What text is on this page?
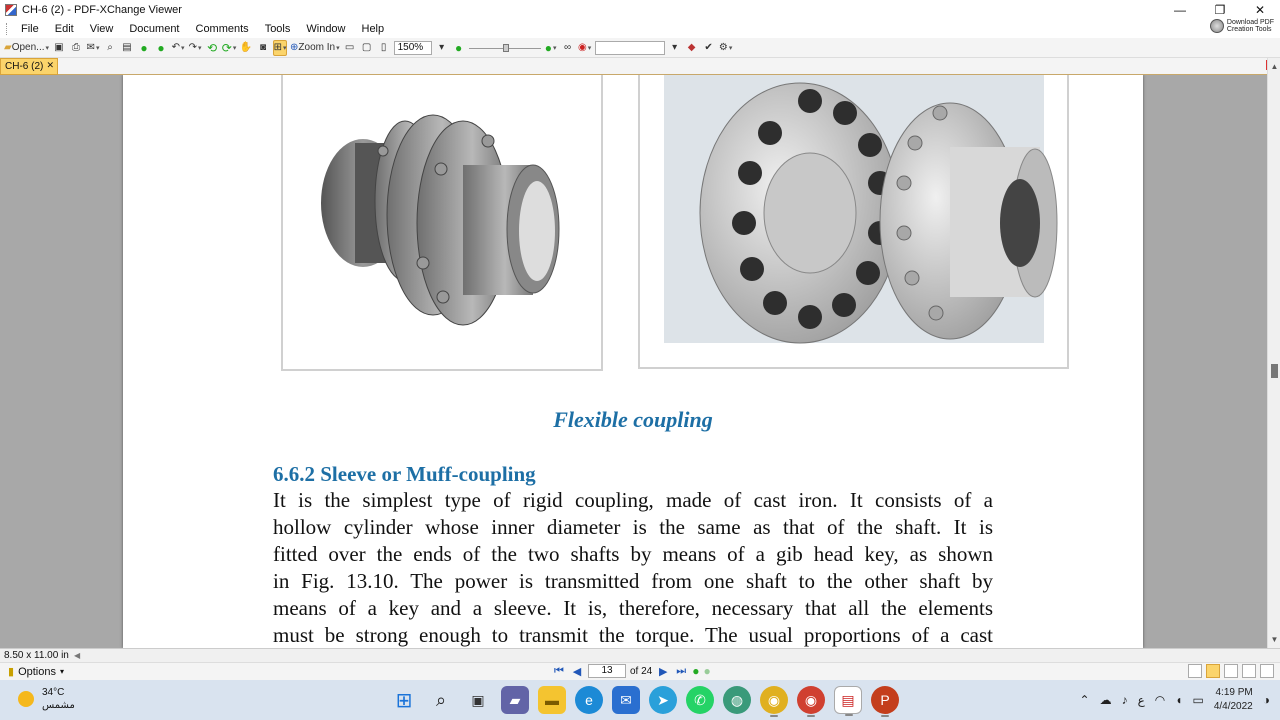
CH-6 (2) - PDF-XChange Viewer	—	❐	✕
File	Edit	View	Document	Comments	Tools	Window	Help
Download PDF
Creation Tools
▰ Open...
▾ ▣ ⎙ ✉ ▾	⌕ ▤ ● ● ↶ ▾ ↷ ▾ ⟲ ⟳ ▾ ✋ ◙ ⊞ ▾ ⊕ Zoom In
▾ ▭ ▢ ▯	150%	▾ ●	● ▾	∞ ◉ ▾	▾	◆ ✔ ⚙ ▾
CH-6 (2) ✕
Flexible coupling
6.6.2 Sleeve or Muff-coupling

It is the simplest type of rigid coupling, made of cast iron. It consists of a

hollow cylinder whose inner diameter is the same as that of the shaft. It is

fitted over the ends of the two shafts by means of a gib head key, as shown

in Fig. 13.10. The power is transmitted from one shaft to the other shaft by

means of a key and a sleeve. It is, therefore, necessary that all the elements

must be strong enough to transmit the torque. The usual proportions of a cast

▲
▼
8.50 x 11.00 in ◀
▮ Options ▾	⏮ ◀	13	of 24 ▶ ⏭ ● ●
34°C
مشمس	⊞	⌕	▣	▰	▬	e	✉	➤	✆	◍	◉	◉	▤	P	⌃ ☁ ♪ ع ◠ ◖ ▭
4:19 PM
4/4/2022 ◑
